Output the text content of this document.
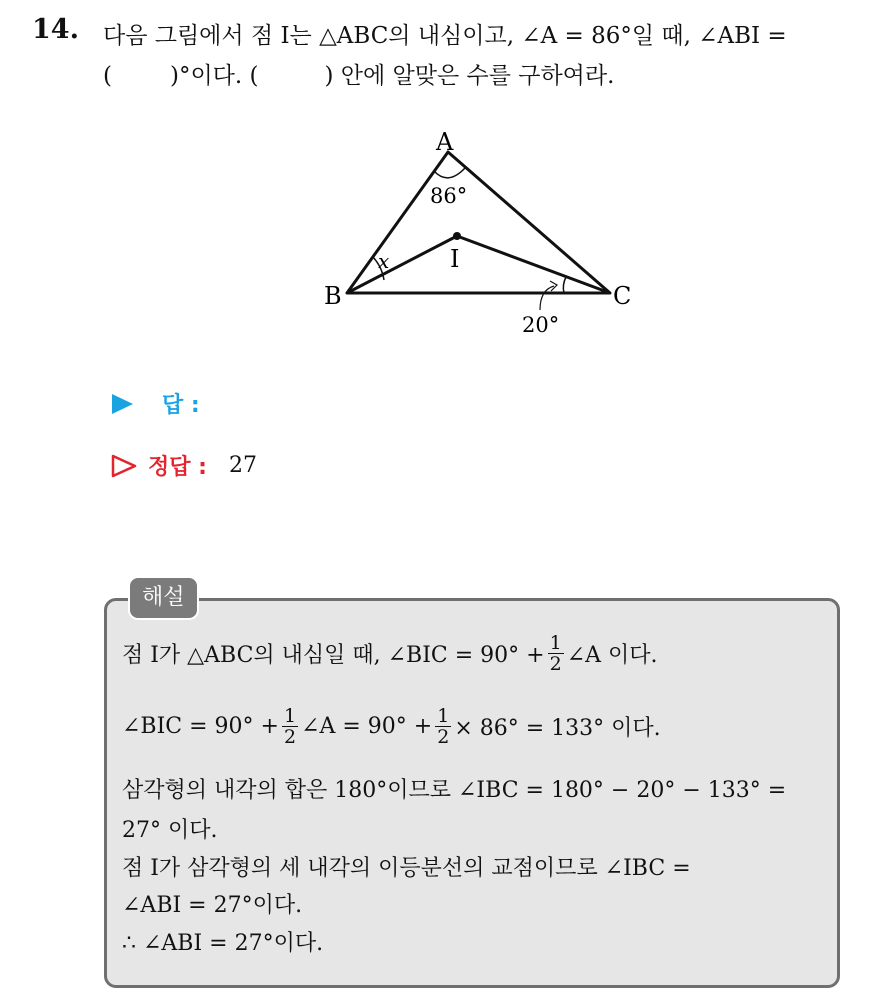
14. 다음 그림에서 점 I는 △ABC의 내심이고, ∠A = 86°일 때, ∠ABI =
(	)°이다. (	) 안에 알맞은 수를 구하여라.
A
B	C
I
x
86°
20°
답 :
정답 : 27
해설
점 I가 △ABC의 내심일 때, ∠BIC = $90^\circ + \frac{1}{2}$ ∠A 이다.
∠BIC = $90^\circ + \frac{1}{2}$ ∠A = $90^\circ + \frac{1}{2} \times 86^\circ = 133^\circ$ 이다.
삼각형의 내각의 합은 180°이므로 ∠IBC = 180° − 20° − 133° =
27° 이다.
점 I가 삼각형의 세 내각의 이등분선의 교점이므로 ∠IBC =
∠ABI = 27°이다.
∴ ∠ABI = 27°이다.
